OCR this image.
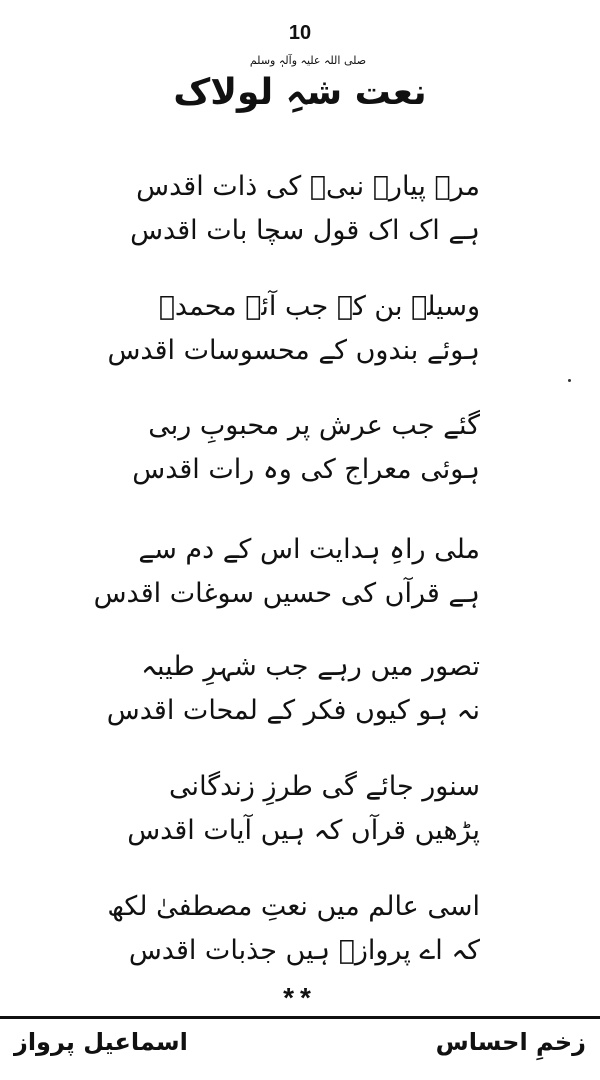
10
صلی اللہ علیہ وآلہٖ وسلم
نعت شہِ لولاک
مرے پیارے نبیؐ کی ذات اقدس
ہے اک اک قول سچا بات اقدس
وسیلہ بن کے جب آئے محمدؐ
ہوئے بندوں کے محسوسات اقدس
گئے جب عرش پر محبوبِ ربی
ہوئی معراج کی وہ رات اقدس
ملی راہِ ہدایت اس کے دم سے
ہے قرآں کی حسیں سوغات اقدس
تصور میں رہے جب شہرِ طیبہ
نہ ہو کیوں فکر کے لمحات اقدس
سنور جائے گی طرزِ زندگانی
پڑھیں قرآں کہ ہیں آیات اقدس
اسی عالم میں نعتِ مصطفیٰ لکھ
کہ اے پروازؔ ہیں جذبات اقدس
**
اسماعیل پرواز	زخمِ احساس
